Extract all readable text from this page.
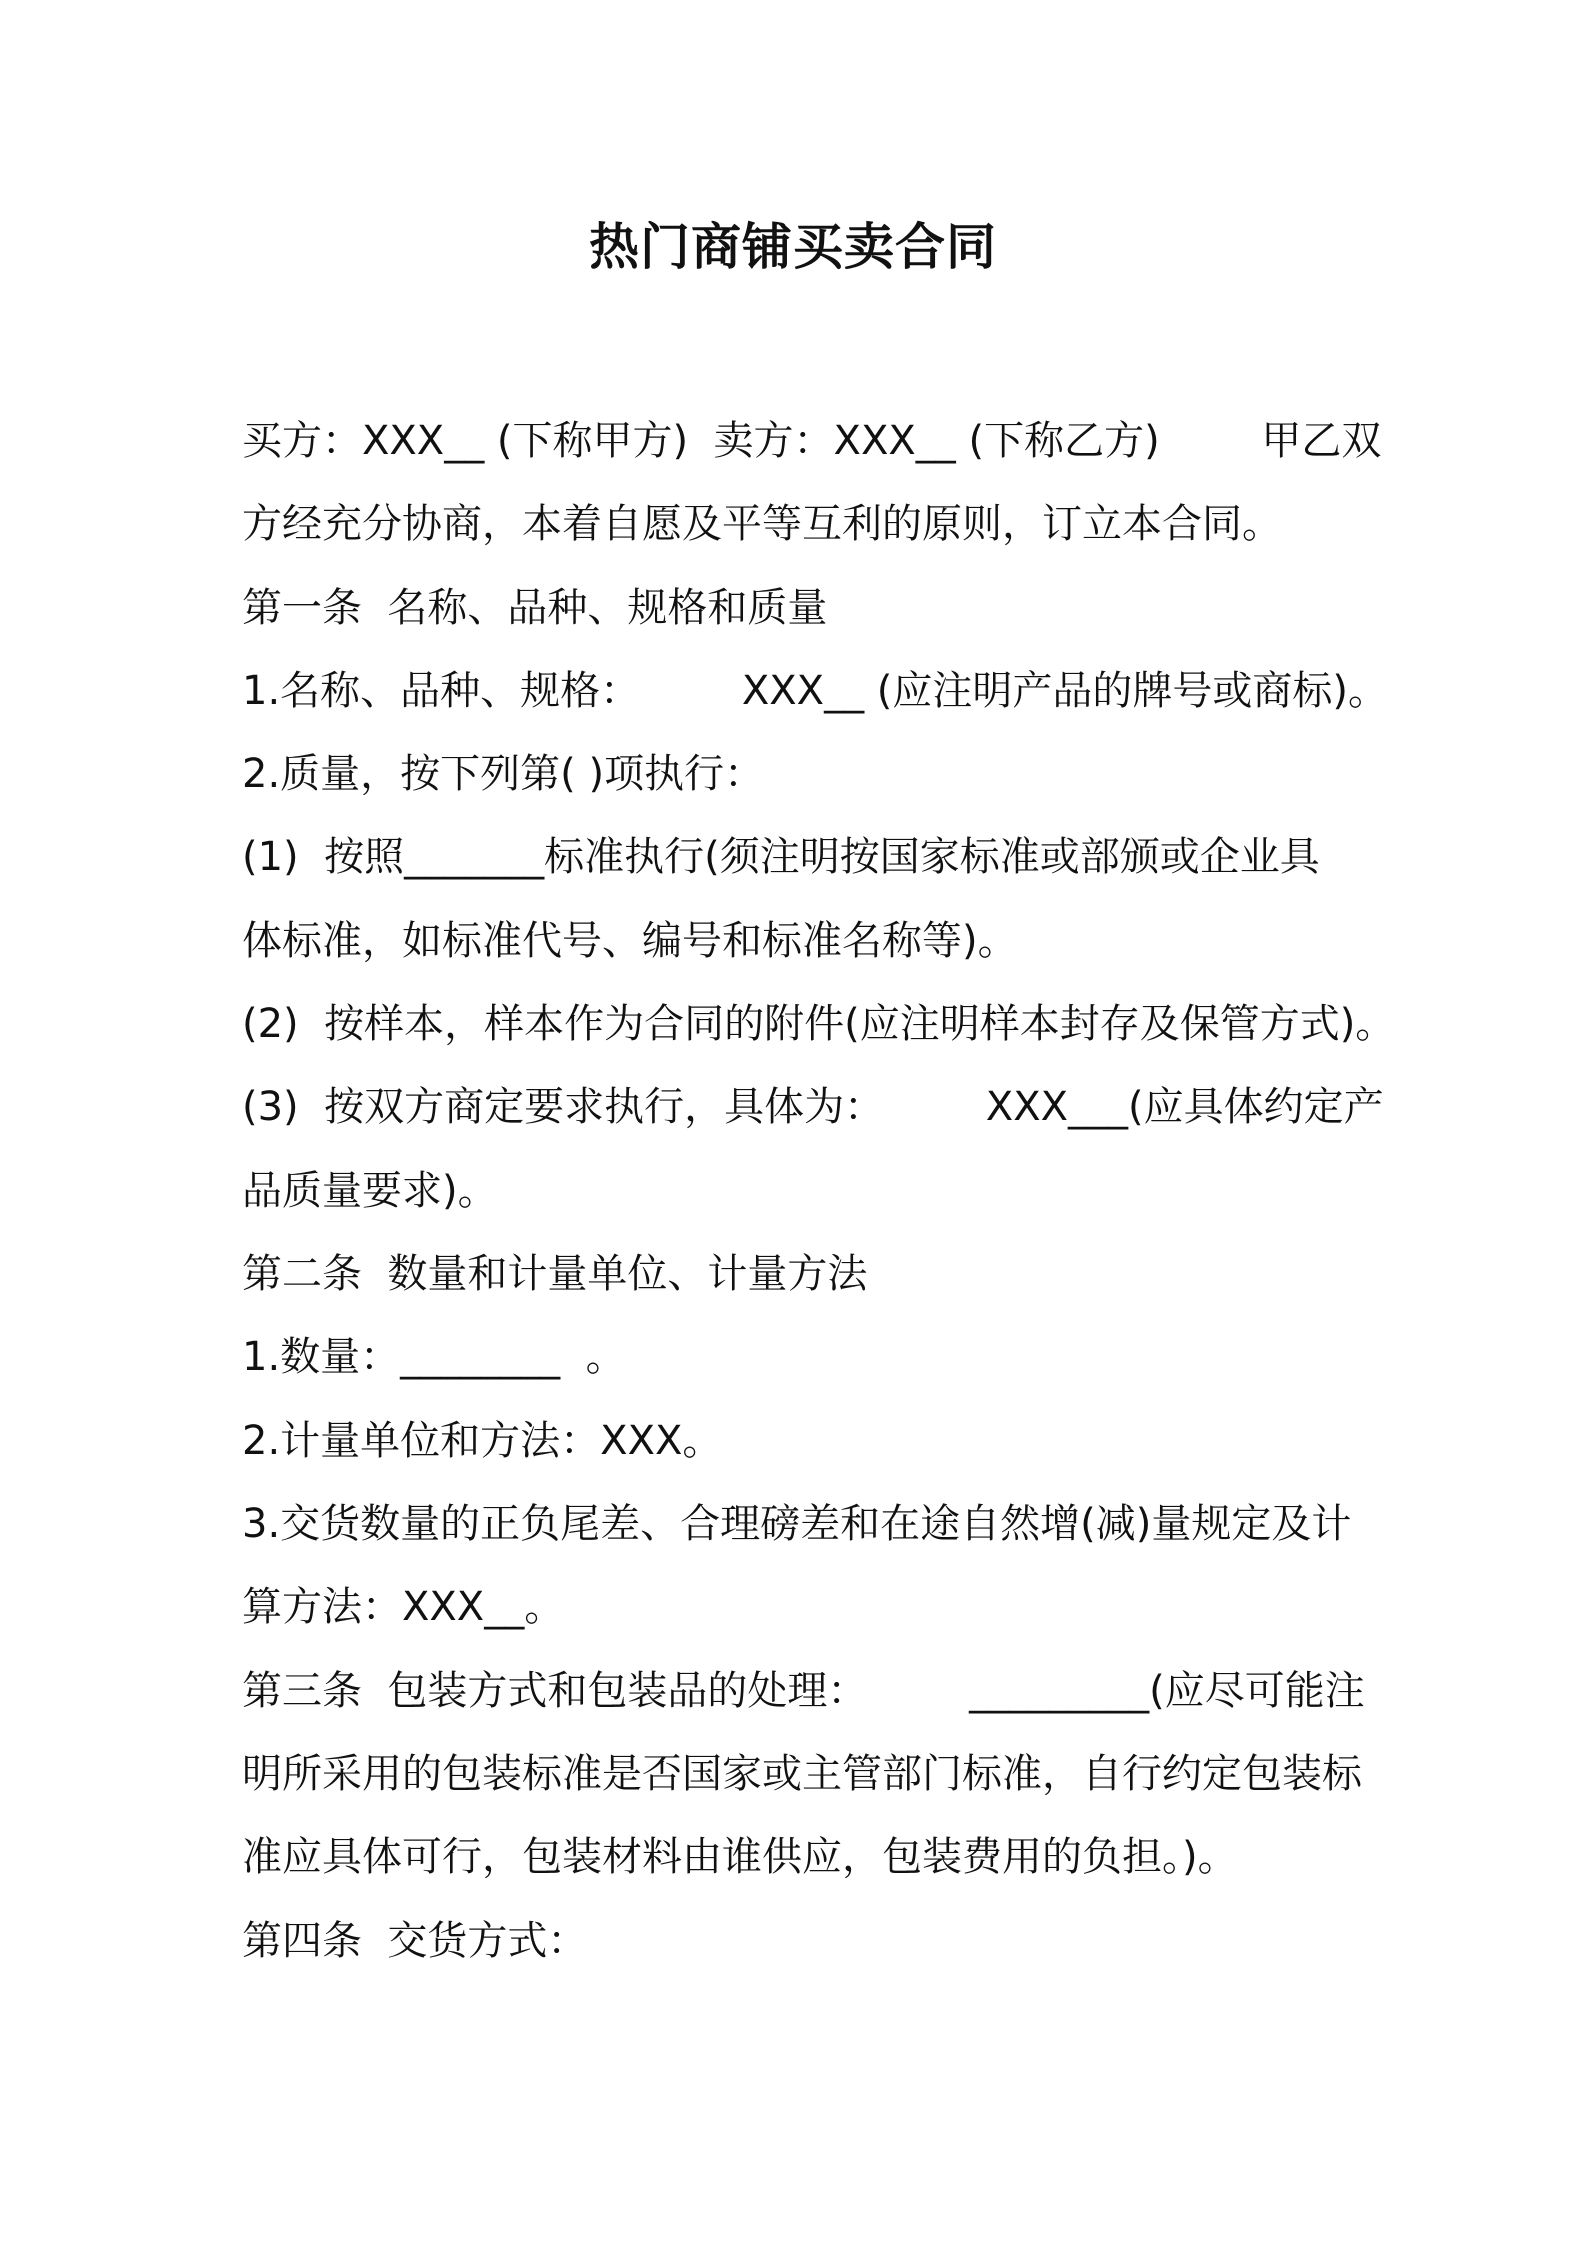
热门商铺买卖合同
买方：XXX__ (下称甲方)  卖方：XXX__ (下称乙方)        甲乙双
方经充分协商，本着自愿及平等互利的原则，订立本合同。
第一条  名称、品种、规格和质量
1.名称、品种、规格：        XXX__ (应注明产品的牌号或商标)。
2.质量，按下列第( )项执行：
(1)  按照_______标准执行(须注明按国家标准或部颁或企业具
体标准，如标准代号、编号和标准名称等)。
(2)  按样本，样本作为合同的附件(应注明样本封存及保管方式)。
(3)  按双方商定要求执行，具体为：        XXX___(应具体约定产
品质量要求)。
第二条  数量和计量单位、计量方法
1.数量：________  。
2.计量单位和方法：XXX。
3.交货数量的正负尾差、合理磅差和在途自然增(减)量规定及计
算方法：XXX__。
第三条  包装方式和包装品的处理：        _________(应尽可能注
明所采用的包装标准是否国家或主管部门标准，自行约定包装标
准应具体可行，包装材料由谁供应，包装费用的负担。)。
第四条  交货方式：
